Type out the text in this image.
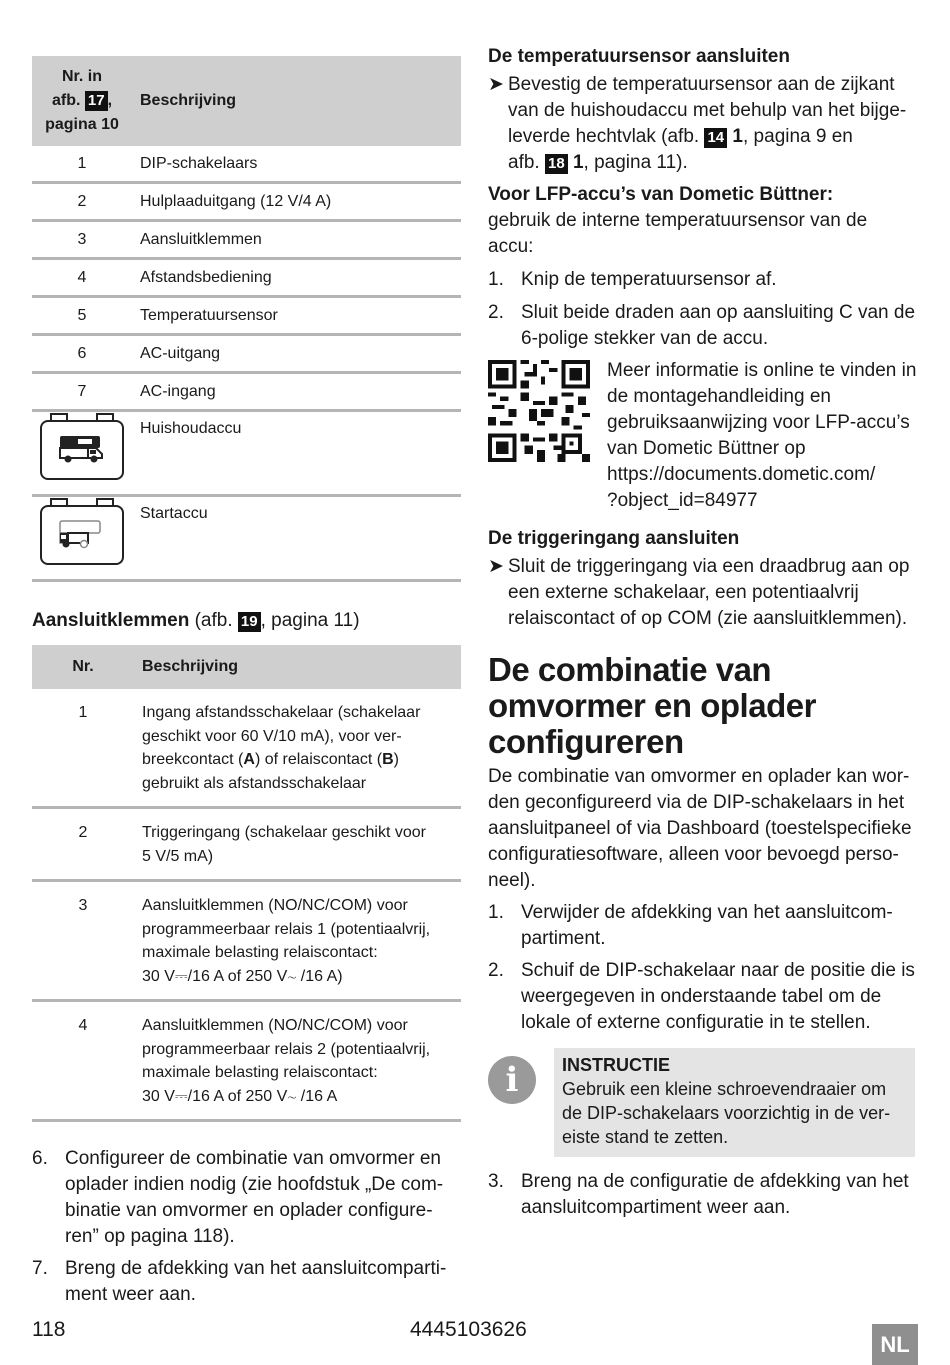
Nr. in
afb. 17 ,
pagina 10	Beschrijving
1	DIP-schakelaars
2	Hulplaaduitgang (12 V/4 A)
3	Aansluitklemmen
4	Afstandsbediening
5	Temperatuursensor
6	AC-uitgang
7	AC-ingang

	Huishoudaccu

	Startaccu
Aansluitklemmen (afb. 19 , pagina 11)
Nr.	Beschrijving
1	Ingang afstandsschakelaar (schakelaar
geschikt voor 60 V/10 mA), voor ver-
breekcontact (A) of relaiscontact (B)
gebruikt als afstandsschakelaar
2	Triggeringang (schakelaar geschikt voor
5 V/5 mA)
3	Aansluitklemmen (NO/NC/COM) voor
programmeerbaar relais 1 (potentiaalvrij,
maximale belasting relaiscontact:
30 V⎓/16 A of 250 V∼ /16 A)
4	Aansluitklemmen (NO/NC/COM) voor
programmeerbaar relais 2 (potentiaalvrij,
maximale belasting relaiscontact:
30 V⎓/16 A of 250 V∼ /16 A
6. Configureer de combinatie van omvormer en
oplader indien nodig (zie hoofdstuk „De com-
binatie van omvormer en oplader configure-
ren” op pagina 118).
7. Breng de afdekking van het aansluitcomparti-
ment weer aan.
De temperatuursensor aansluiten
➤ Bevestig de temperatuursensor aan de zijkant
van de huishoudaccu met behulp van het bijge-
leverde hechtvlak (afb. 14 1, pagina 9 en
afb. 18 1, pagina 11).
Voor LFP-accu’s van Dometic Büttner:
gebruik de interne temperatuursensor van de
accu:
1. Knip de temperatuursensor af.
2. Sluit beide draden aan op aansluiting C van de
6-polige stekker van de accu.
Meer informatie is online te vinden in
de montagehandleiding en
gebruiksaanwijzing voor LFP-accu’s
van Dometic Büttner op
https://documents.dometic.com/
?object_id=84977
De triggeringang aansluiten
➤ Sluit de triggeringang via een draadbrug aan op
een externe schakelaar, een potentiaalvrij
relaiscontact of op COM (zie aansluitklemmen).
De combinatie van
omvormer en oplader
configureren
De combinatie van omvormer en oplader kan wor-
den geconfigureerd via de DIP-schakelaars in het
aansluitpaneel of via Dashboard (toestelspecifieke
configuratiesoftware, alleen voor bevoegd perso-
neel).
1. Verwijder de afdekking van het aansluitcom-
partiment.
2. Schuif de DIP-schakelaar naar de positie die is
weergegeven in onderstaande tabel om de
lokale of externe configuratie in te stellen.
i	INSTRUCTIE
Gebruik een kleine schroevendraaier om
de DIP-schakelaars voorzichtig in de ver-
eiste stand te zetten.
3. Breng na de configuratie de afdekking van het
aansluitcompartiment weer aan.
118	4445103626
NL
